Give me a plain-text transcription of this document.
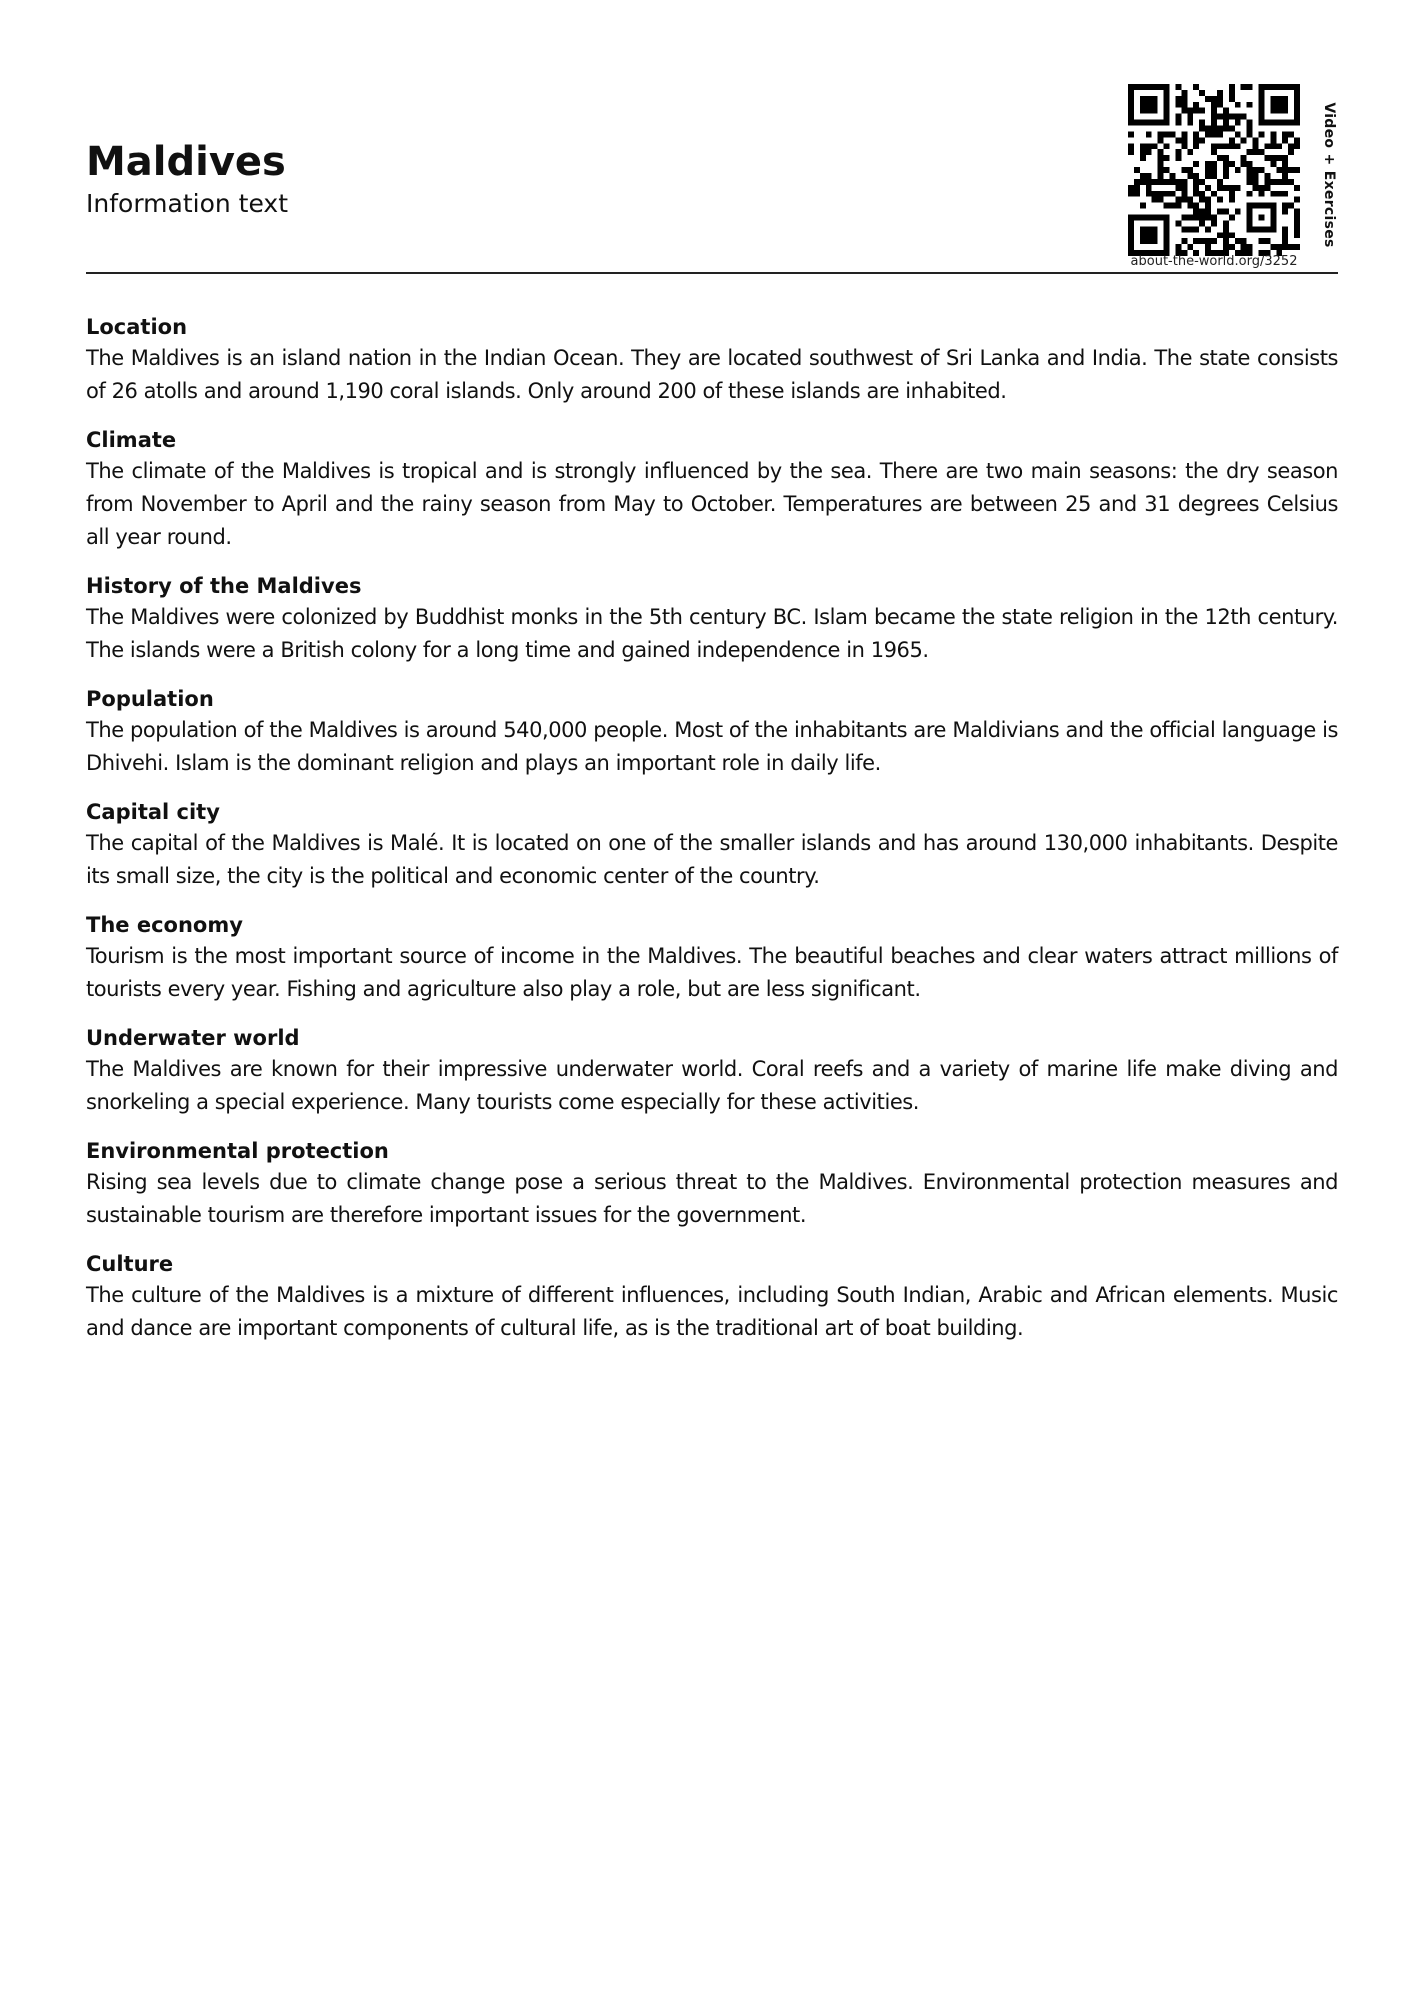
Maldives

Information text	Video + Exercises
about-the-world.org/3252
Location

The Maldives is an island nation in the Indian Ocean. They are located southwest of Sri Lanka and India. The state consists of 26 atolls and around 1,190 coral islands. Only around 200 of these islands are inhabited.

Climate

The climate of the Maldives is tropical and is strongly influenced by the sea. There are two main seasons: the dry season from November to April and the rainy season from May to October. Temperatures are between 25 and 31 degrees Celsius all year round.

History of the Maldives

The Maldives were colonized by Buddhist monks in the 5th century BC. Islam became the state religion in the 12th century. The islands were a British colony for a long time and gained independence in 1965.

Population

The population of the Maldives is around 540,000 people. Most of the inhabitants are Maldivians and the official language is Dhivehi. Islam is the dominant religion and plays an important role in daily life.

Capital city

The capital of the Maldives is Malé. It is located on one of the smaller islands and has around 130,000 inhabitants. Despite its small size, the city is the political and economic center of the country.

The economy

Tourism is the most important source of income in the Maldives. The beautiful beaches and clear waters attract millions of tourists every year. Fishing and agriculture also play a role, but are less significant.

Underwater world

The Maldives are known for their impressive underwater world. Coral reefs and a variety of marine life make diving and snorkeling a special experience. Many tourists come especially for these activities.

Environmental protection

Rising sea levels due to climate change pose a serious threat to the Maldives. Environmental protection measures and sustainable tourism are therefore important issues for the government.

Culture

The culture of the Maldives is a mixture of different influences, including South Indian, Arabic and African elements. Music and dance are important components of cultural life, as is the traditional art of boat building.
